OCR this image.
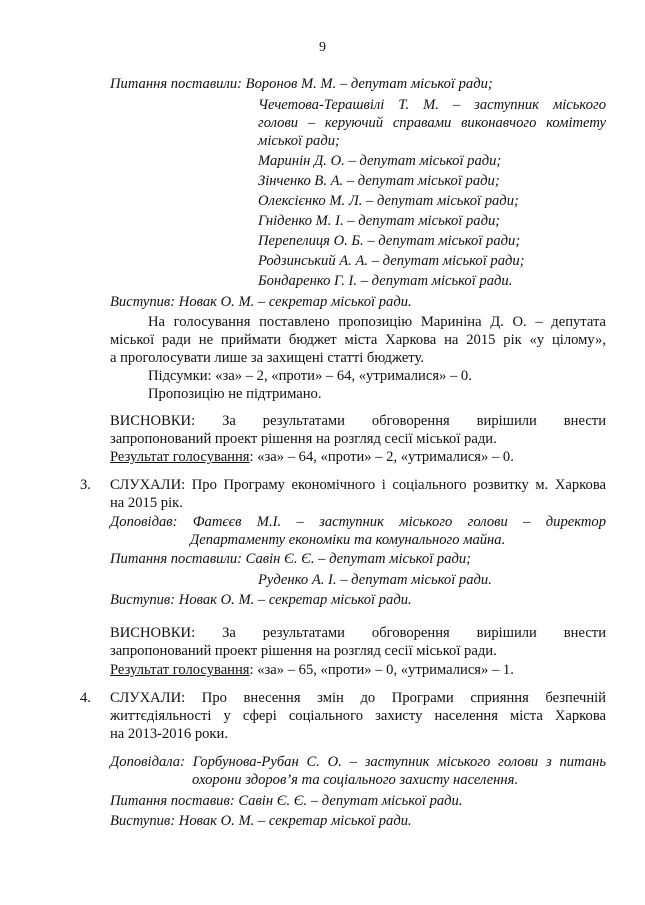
9
Питання поставили: Воронов М. М. – депутат міської ради;
Чечетова-Терашвілі Т. М. – заступник міського
голови – керуючий справами виконавчого комітету
міської ради;
Маринін Д. О. – депутат міської ради;
Зінченко В. А. – депутат міської ради;
Олексієнко М. Л. – депутат міської ради;
Гніденко М. І. – депутат міської ради;
Перепелиця О. Б. – депутат міської ради;
Родзинський А. А. – депутат міської ради;
Бондаренко Г. І. – депутат міської ради.
Виступив: Новак О. М. – секретар міської ради.
На голосування поставлено пропозицію Мариніна Д. О. – депутата
міської ради не приймати бюджет міста Харкова на 2015 рік «у цілому»,
а проголосувати лише за захищені статті бюджету.
Підсумки: «за» – 2, «проти» – 64, «утрималися» – 0.
Пропозицію не підтримано.
ВИСНОВКИ: За результатами обговорення вирішили внести
запропонований проект рішення на розгляд сесії міської ради.
Результат голосування: «за» – 64, «проти» – 2, «утрималися» – 0.
3. СЛУХАЛИ: Про Програму економічного і соціального розвитку м. Харкова
на 2015 рік.
Доповідав: Фатєєв М.І. – заступник міського голови – директор
Департаменту економіки та комунального майна.
Питання поставили: Савін Є. Є. – депутат міської ради;
Руденко А. І. – депутат міської ради.
Виступив: Новак О. М. – секретар міської ради.
ВИСНОВКИ: За результатами обговорення вирішили внести
запропонований проект рішення на розгляд сесії міської ради.
Результат голосування: «за» – 65, «проти» – 0, «утрималися» – 1.
4. СЛУХАЛИ: Про внесення змін до Програми сприяння безпечній
життєдіяльності у сфері соціального захисту населення міста Харкова
на 2013-2016 роки.
Доповідала: Горбунова-Рубан С. О. – заступник міського голови з питань
охорони здоров’я та соціального захисту населення.
Питання поставив: Савін Є. Є. – депутат міської ради.
Виступив: Новак О. М. – секретар міської ради.
